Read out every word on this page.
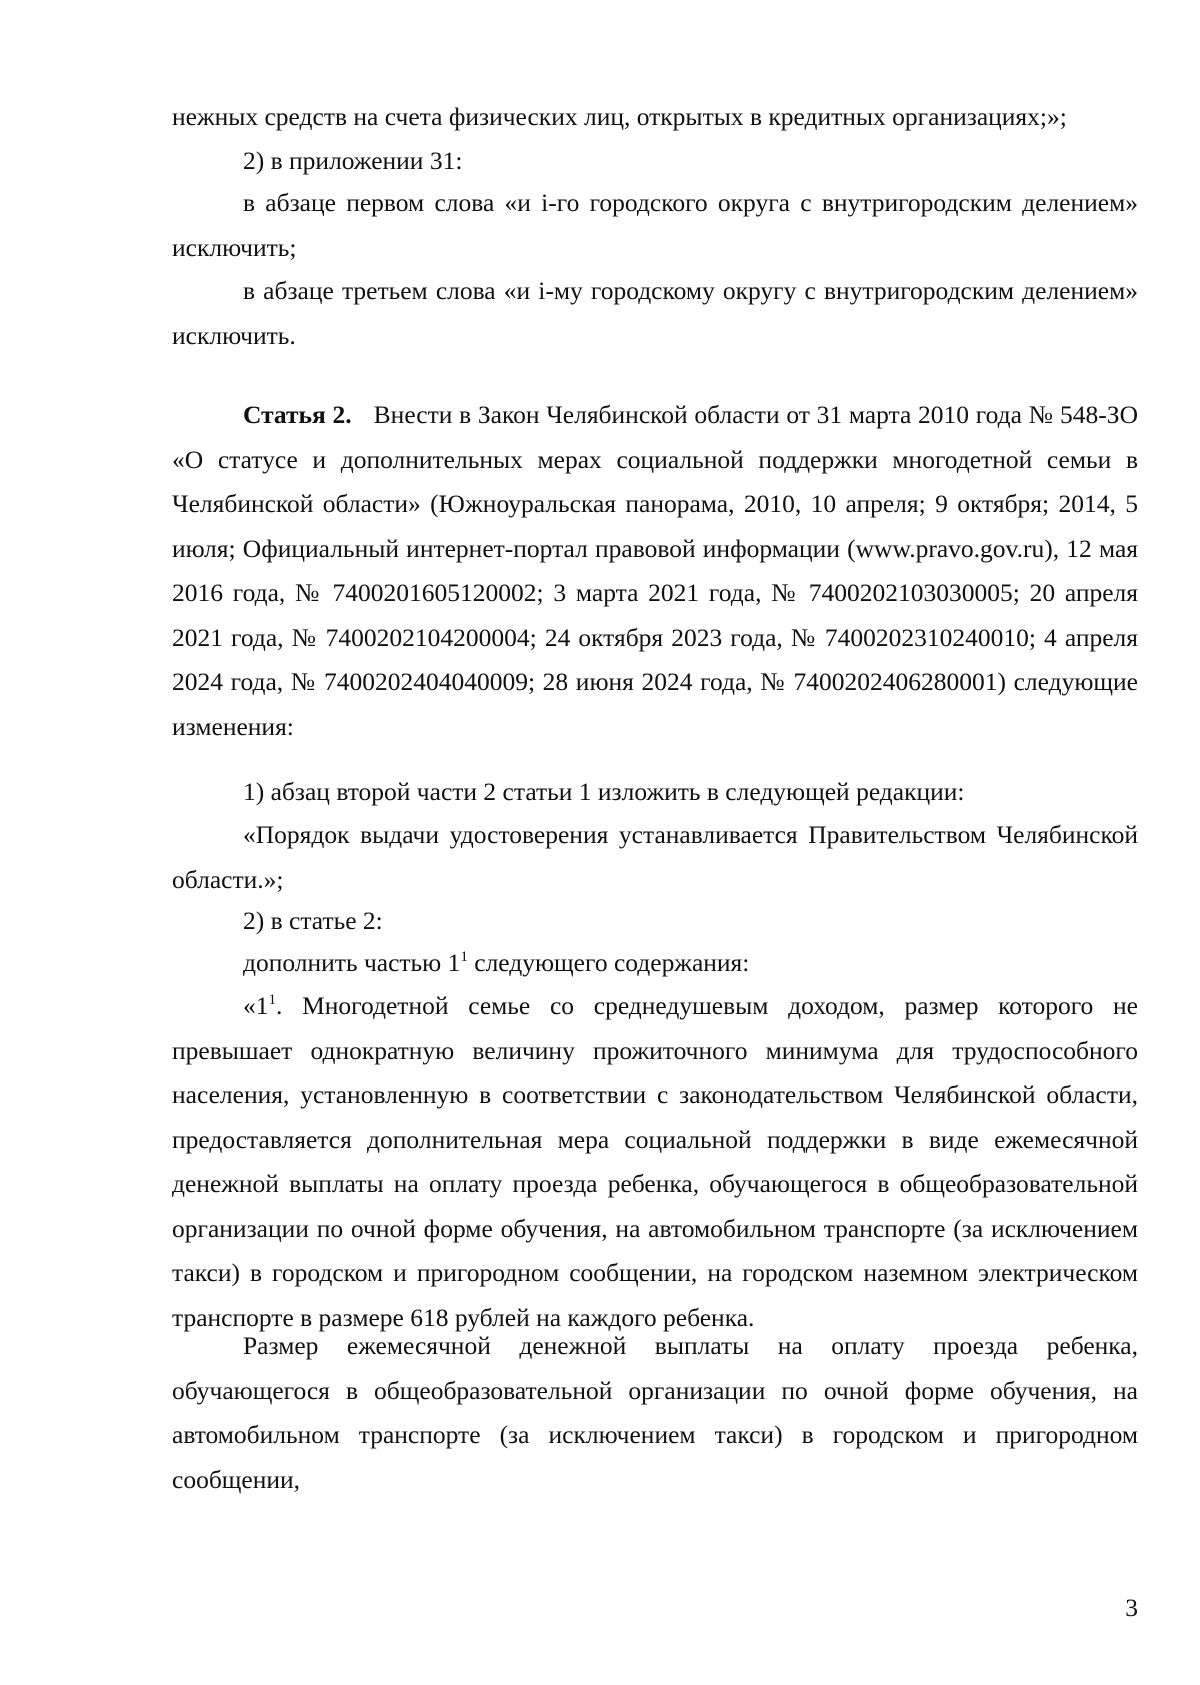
нежных средств на счета физических лиц, открытых в кредитных организациях;»;

2) в приложении 31:

в абзаце первом слова «и i-го городского округа с внутригородским делением» исключить;

в абзаце третьем слова «и i-му городскому округу с внутригородским делением» исключить.

Статья 2. Внести в Закон Челябинской области от 31 марта 2010 года № 548-ЗО «О статусе и дополнительных мерах социальной поддержки многодетной семьи в Челябинской области» (Южноуральская панорама, 2010, 10 апреля; 9 октября; 2014, 5 июля; Официальный интернет-портал правовой информации (www.pravo.gov.ru), 12 мая 2016 года, № 7400201605120002; 3 марта 2021 года, № 7400202103030005; 20 апреля 2021 года, № 7400202104200004; 24 октября 2023 года, № 7400202310240010; 4 апреля 2024 года, № 7400202404040009; 28 июня 2024 года, № 7400202406280001) следующие изменения:

1) абзац второй части 2 статьи 1 изложить в следующей редакции:

«Порядок выдачи удостоверения устанавливается Правительством Челябинской области.»;

2) в статье 2:

дополнить частью $1^1$ следующего содержания:

«$1^1$. Многодетной семье со среднедушевым доходом, размер которого не превышает однократную величину прожиточного минимума для трудоспособного населения, установленную в соответствии с законодательством Челябинской области, предоставляется дополнительная мера социальной поддержки в виде ежемесячной денежной выплаты на оплату проезда ребенка, обучающегося в общеобразовательной организации по очной форме обучения, на автомобильном транспорте (за исключением такси) в городском и пригородном сообщении, на городском наземном электрическом транспорте в размере 618 рублей на каждого ребенка.

Размер ежемесячной денежной выплаты на оплату проезда ребенка, обучающегося в общеобразовательной организации по очной форме обучения, на автомобильном транспорте (за исключением такси) в городском и пригородном сообщении,

3
